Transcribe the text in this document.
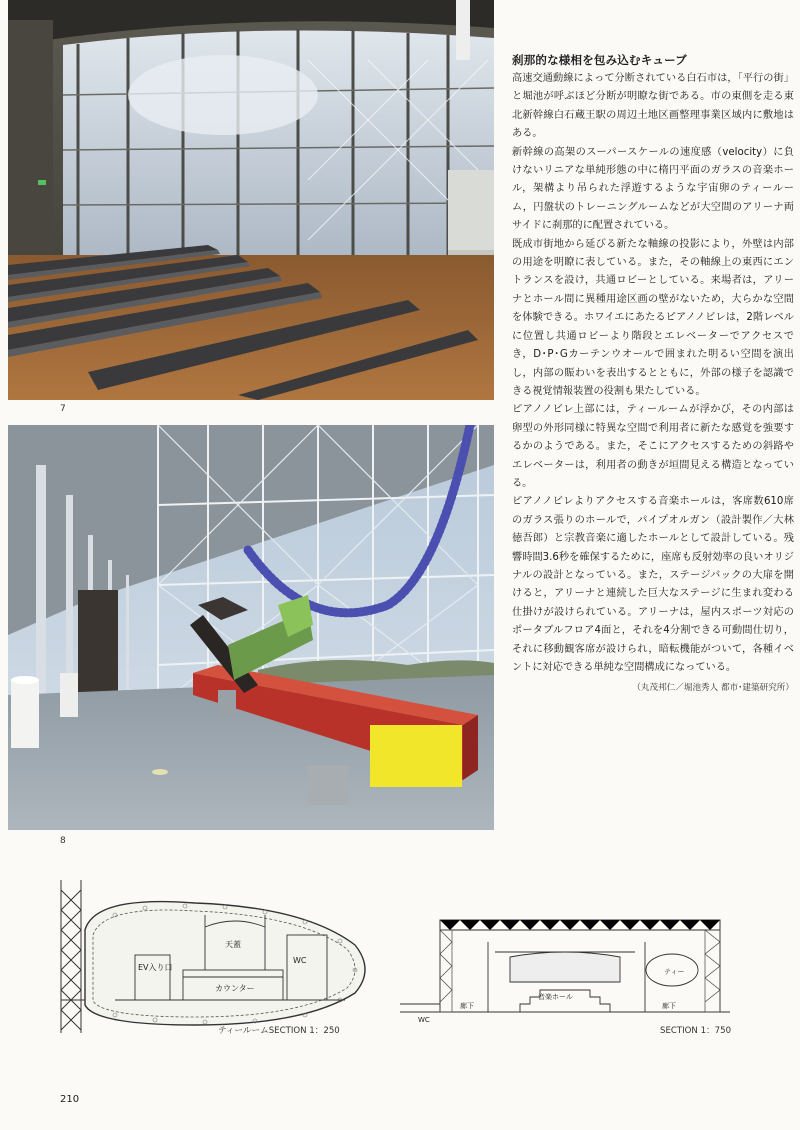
7
8
刹那的な様相を包み込むキューブ

高速交通動線によって分断されている白石市は，「平行の街」と堀池が呼ぶほど分断が明瞭な街である。市の東側を走る東北新幹線白石蔵王駅の周辺土地区画整理事業区域内に敷地はある。

新幹線の高架のスーパースケールの速度感（velocity）に負けないリニアな単純形態の中に楕円平面のガラスの音楽ホール，架構より吊られた浮遊するような宇宙卵のティールーム，円盤状のトレーニングルームなどが大空間のアリーナ両サイドに刹那的に配置されている。

既成市街地から延びる新たな軸線の投影により，外壁は内部の用途を明瞭に表している。また，その軸線上の東西にエントランスを設け，共通ロビーとしている。来場者は，アリーナとホール間に異種用途区画の壁がないため，大らかな空間を体験できる。ホワイエにあたるピアノノビレは，2階レベルに位置し共通ロビーより階段とエレベーターでアクセスでき，D･P･Gカーテンウオールで囲まれた明るい空間を演出し，内部の賑わいを表出するとともに，外部の様子を認識できる視覚情報装置の役割も果たしている。

ピアノノビレ上部には，ティールームが浮かび，その内部は卵型の外形同様に特異な空間で利用者に新たな感覚を強要するかのようである。また，そこにアクセスするための斜路やエレベーターは，利用者の動きが垣間見える構造となっている。

ピアノノビレよりアクセスする音楽ホールは，客席数610席のガラス張りのホールで，パイプオルガン（設計製作／大林徳吾郎）と宗教音楽に適したホールとして設計している。残響時間3.6秒を確保するために，座席も反射効率の良いオリジナルの設計となっている。また，ステージバックの大扉を開けると，アリーナと連続した巨大なステージに生まれ変わる仕掛けが設けられている。アリーナは，屋内スポーツ対応のポータブルフロア4面と，それを4分割できる可動間仕切り，それに移動観客席が設けられ，暗転機能がついて，各種イベントに対応できる単純な空間構成になっている。

（丸茂邦仁／堀池秀人 都市･建築研究所）
EV入り口
天蓋
WC
カウンター
ティールームSECTION 1：250
音楽ホール
WC
廊下	廊下
ティー
SECTION 1：750
210
